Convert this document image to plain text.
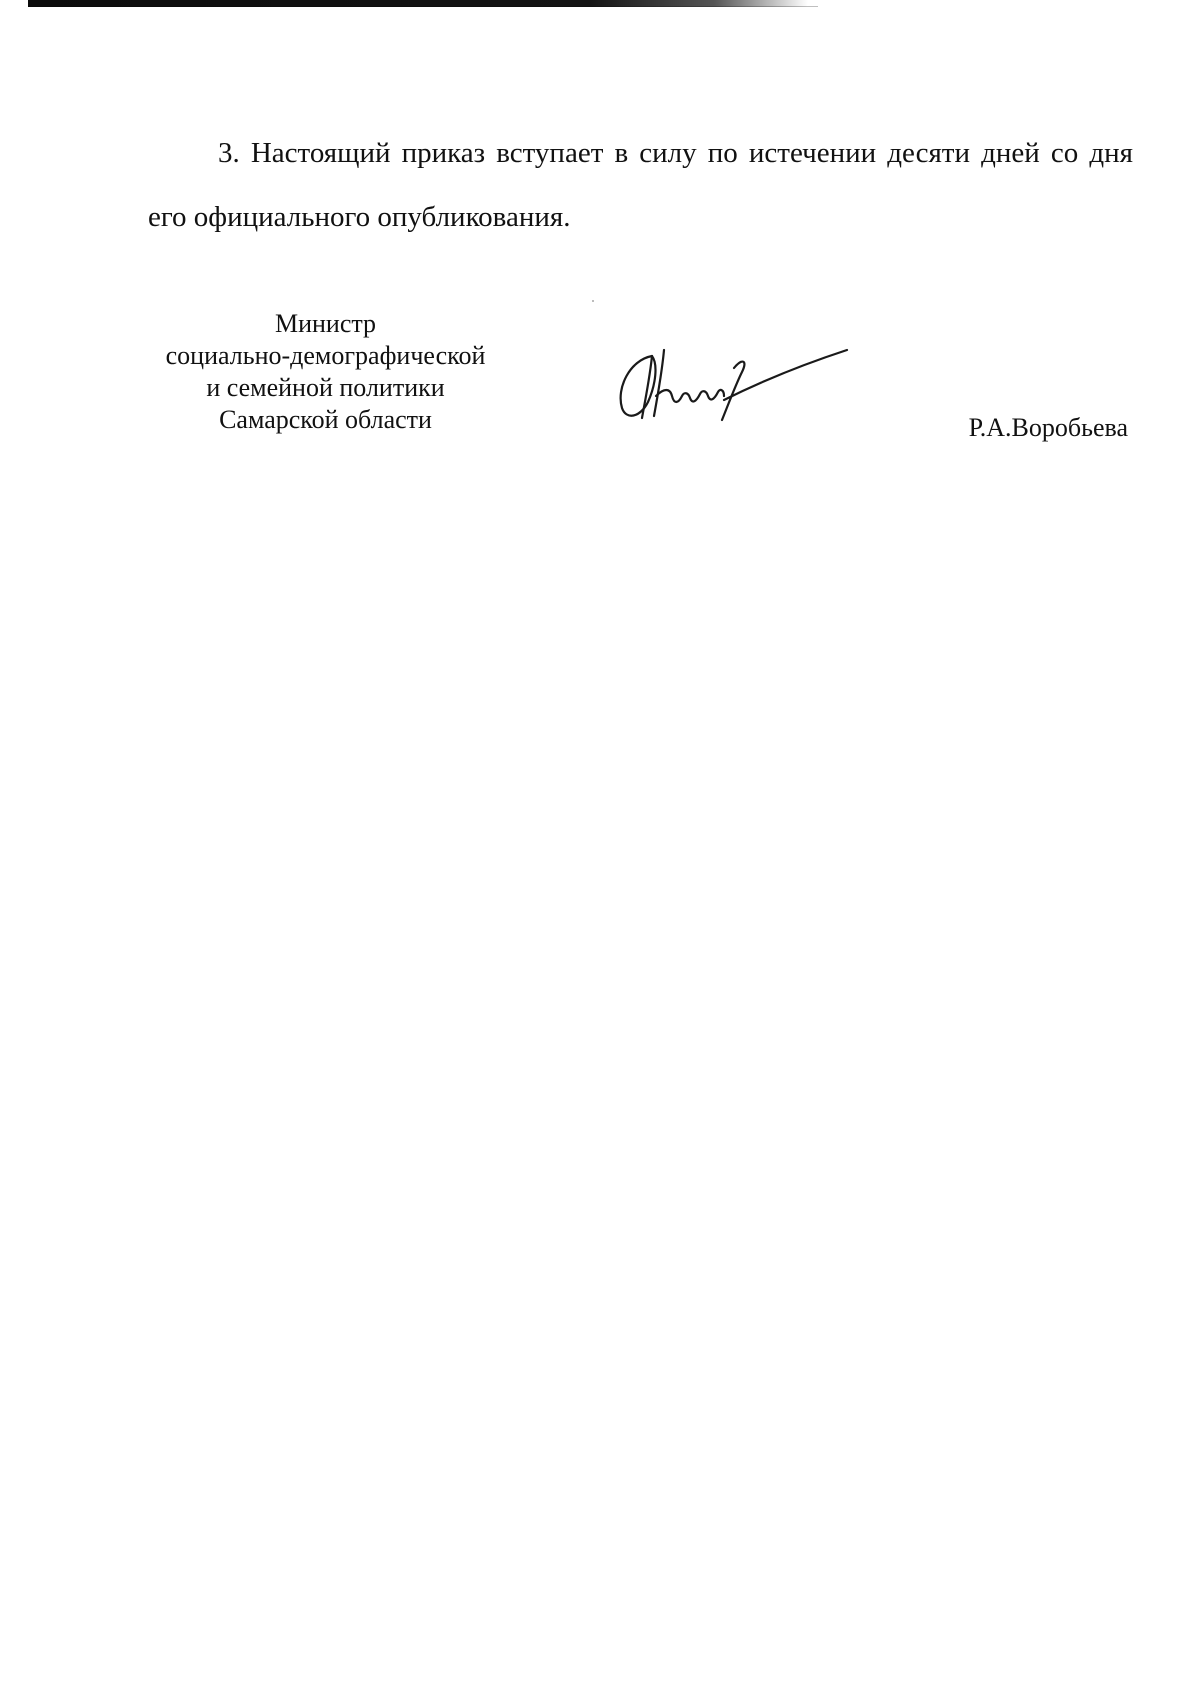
3. Настоящий приказ вступает в силу по истечении десяти дней со дня его официального опубликования.

Министр
социально-демографической
и семейной политики
Самарской области	Р.А.Воробьева
